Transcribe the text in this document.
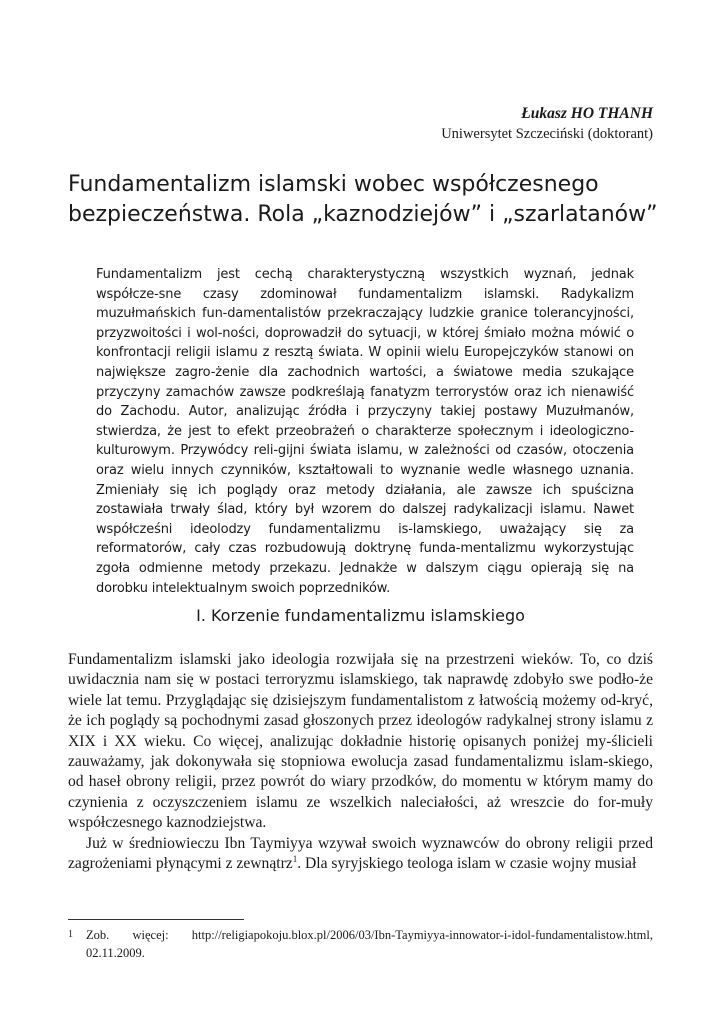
Łukasz HO THANH
Uniwersytet Szczeciński (doktorant)
Fundamentalizm islamski wobec współczesnego bezpieczeństwa. Rola „kaznodziejów” i „szarlatanów”

Fundamentalizm jest cechą charakterystyczną wszystkich wyznań, jednak współcze-sne czasy zdominował fundamentalizm islamski. Radykalizm muzułmańskich fun-damentalistów przekraczający ludzkie granice tolerancyjności, przyzwoitości i wol-ności, doprowadził do sytuacji, w której śmiało można mówić o konfrontacji religii islamu z resztą świata. W opinii wielu Europejczyków stanowi on największe zagro-żenie dla zachodnich wartości, a światowe media szukające przyczyny zamachów zawsze podkreślają fanatyzm terrorystów oraz ich nienawiść do Zachodu. Autor, analizując źródła i przyczyny takiej postawy Muzułmanów, stwierdza, że jest to efekt przeobrażeń o charakterze społecznym i ideologiczno-kulturowym. Przywódcy reli-gijni świata islamu, w zależności od czasów, otoczenia oraz wielu innych czynników, kształtowali to wyznanie wedle własnego uznania. Zmieniały się ich poglądy oraz metody działania, ale zawsze ich spuścizna zostawiała trwały ślad, który był wzorem do dalszej radykalizacji islamu. Nawet współcześni ideolodzy fundamentalizmu is-lamskiego, uważający się za reformatorów, cały czas rozbudowują doktrynę funda-mentalizmu wykorzystując zgoła odmienne metody przekazu. Jednakże w dalszym ciągu opierają się na dorobku intelektualnym swoich poprzedników.

I. Korzenie fundamentalizmu islamskiego

Fundamentalizm islamski jako ideologia rozwijała się na przestrzeni wieków. To, co dziś uwidacznia nam się w postaci terroryzmu islamskiego, tak naprawdę zdobyło swe podło-że wiele lat temu. Przyglądając się dzisiejszym fundamentalistom z łatwością możemy od-kryć, że ich poglądy są pochodnymi zasad głoszonych przez ideologów radykalnej strony islamu z XIX i XX wieku. Co więcej, analizując dokładnie historię opisanych poniżej my-ślicieli zauważamy, jak dokonywała się stopniowa ewolucja zasad fundamentalizmu islam-skiego, od haseł obrony religii, przez powrót do wiary przodków, do momentu w którym mamy do czynienia z oczyszczeniem islamu ze wszelkich naleciałości, aż wreszcie do for-muły współczesnego kaznodziejstwa.

Już w średniowieczu Ibn Taymiyya wzywał swoich wyznawców do obrony religii przed zagrożeniami płynącymi z zewnątrz$^1$. Dla syryjskiego teologa islam w czasie wojny musiał

1 Zob. więcej: http://religiapokoju.blox.pl/2006/03/Ibn-Taymiyya-innowator-i-idol-fundamentalistow.html, 02.11.2009.
